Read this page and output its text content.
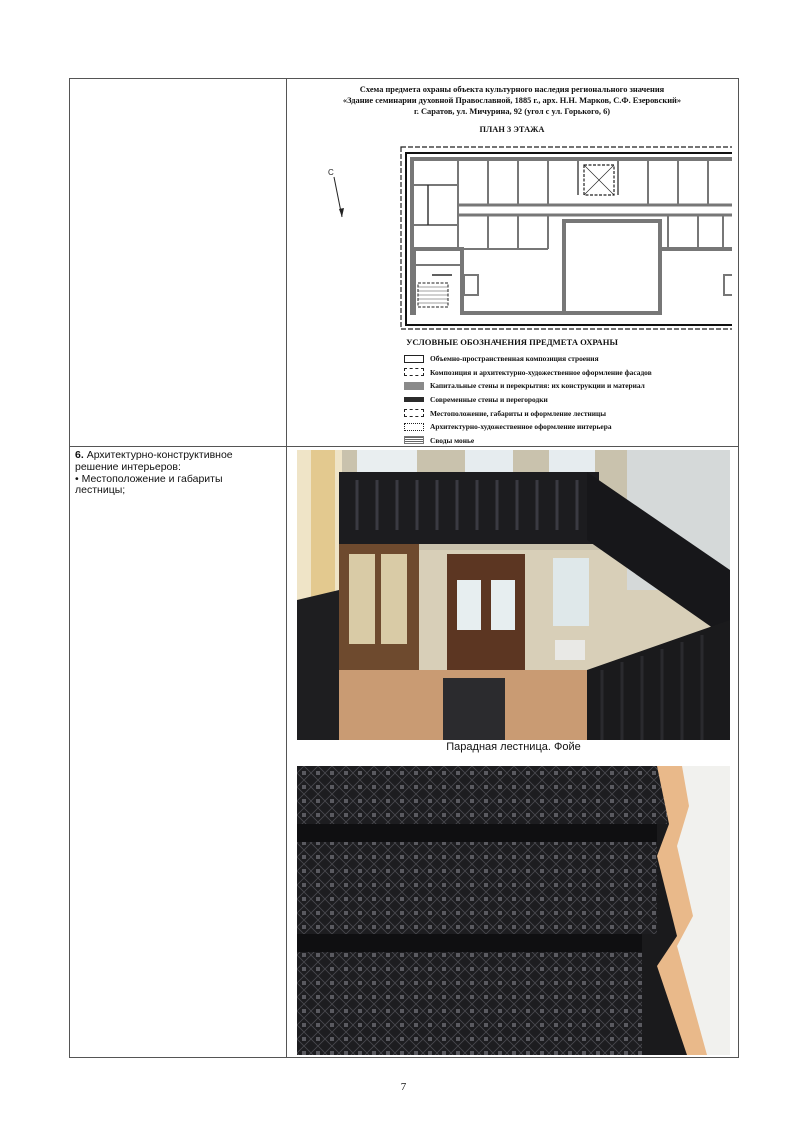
Схема предмета охраны объекта культурного наследия регионального значения
«Здание семинарии духовной Православной, 1885 г., арх. Н.Н. Марков, С.Ф. Езеровский»
г. Саратов, ул. Мичурина, 92 (угол с ул. Горького, 6)
ПЛАН 3 ЭТАЖА
С
УСЛОВНЫЕ ОБОЗНАЧЕНИЯ ПРЕДМЕТА ОХРАНЫ
Объемно-пространственная композиция строения
Композиция и архитектурно-художественное оформление фасадов
Капитальные стены и перекрытия: их конструкции и материал
Современные стены и перегородки
Местоположение, габариты и оформление лестницы
Архитектурно-художественное оформление интерьера
Своды монье
6. Архитектурно-конструктивное
решение интерьеров:
• Местоположение и габариты
лестницы;
Парадная лестница. Фойе
7
